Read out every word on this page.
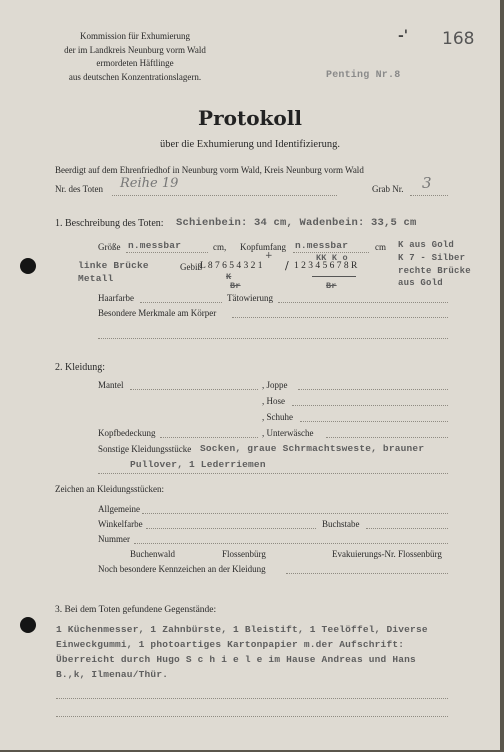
Kommission für Exhumierung
der im Landkreis Neunburg vorm Wald
ermordeten Häftlinge
aus deutschen Konzentrationslagern.
-' 168
Penting Nr.8
Protokoll
über die Exhumierung und Identifizierung.
Beerdigt auf dem Ehrenfriedhof in Neunburg vorm Wald, Kreis Neunburg vorm Wald
Nr. des Toten Reihe 19	Grab Nr. 3
1. Beschreibung des Toten: Schienbein: 34 cm, Wadenbein: 33,5 cm
Größe n.messbar	cm, Kopfumfang n.messbar	cm K aus Gold
K 7 - Silber
rechte Brücke
aus Gold
linke Brücke
Metall
KK K o
+
Gebiß
L 8 7 6 5 4 3 2 1 / 1 2 3 4 5 6 7 8 R
K
Br	Br
Haarfarbe	Tätowierung
Besondere Merkmale am Körper
2. Kleidung:
Mantel	, Joppe
, Hose
, Schuhe
Kopfbedeckung	, Unterwäsche
Sonstige Kleidungsstücke Socken, graue Schrmachtsweste, brauner
Pullover, 1 Lederriemen
Zeichen an Kleidungsstücken:
Allgemeine
Winkelfarbe	Buchstabe
Nummer
Buchenwald	Flossenbürg	Evakuierungs-Nr. Flossenbürg
Noch besondere Kennzeichen an der Kleidung
3. Bei dem Toten gefundene Gegenstände:
1 Küchenmesser, 1 Zahnbürste, 1 Bleistift, 1 Teelöffel, Diverse
Einweckgummi, 1 photoartiges Kartonpapier m.der Aufschrift:
Überreicht durch Hugo S c h i e l e im Hause Andreas und Hans
B.,k, Ilmenau/Thür.
